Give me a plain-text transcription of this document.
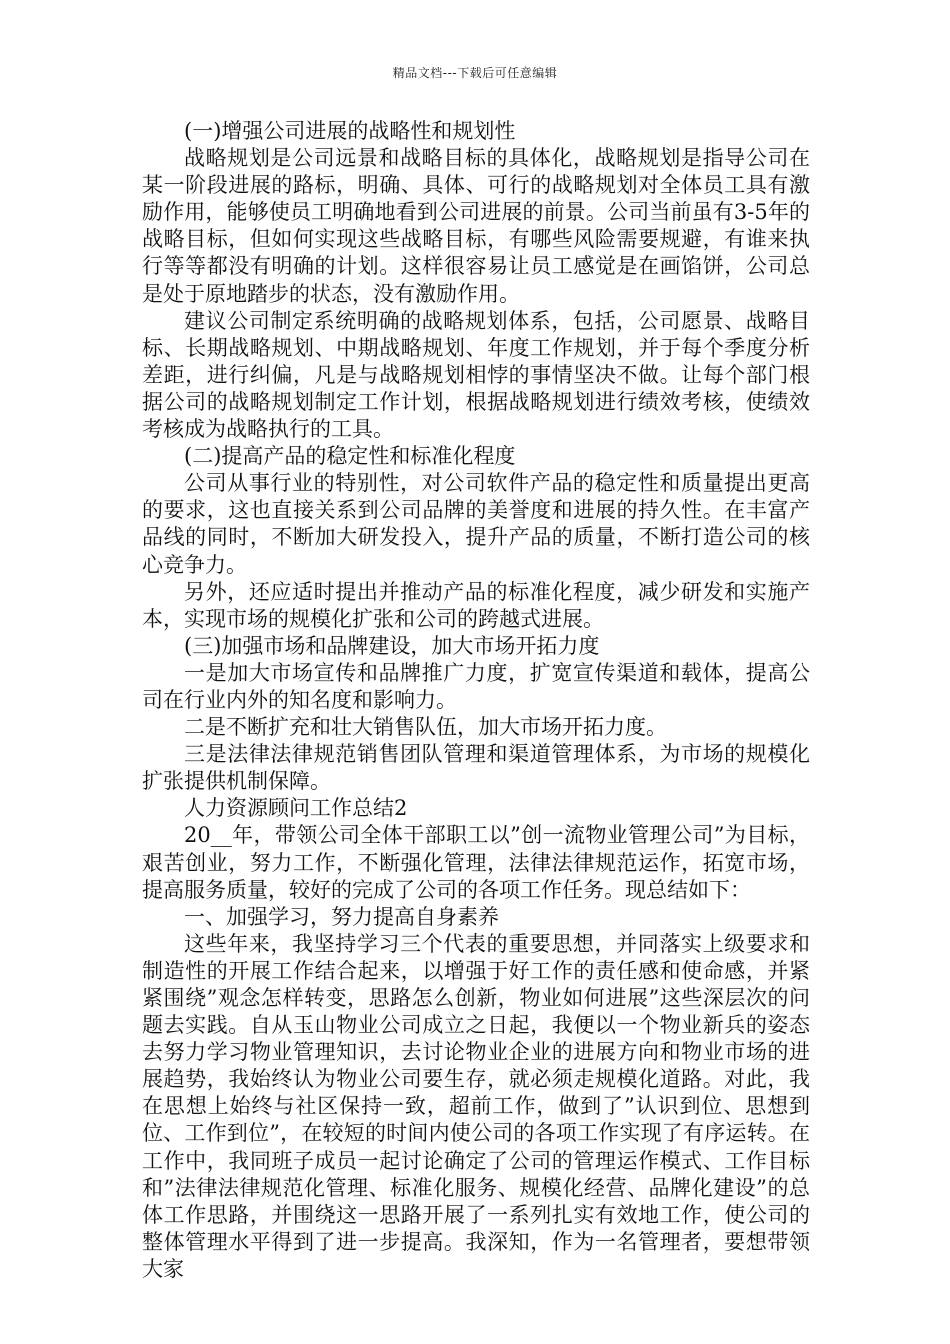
精品文档---下载后可任意编辑

(一)增强公司进展的战略性和规划性

战略规划是公司远景和战略目标的具体化，战略规划是指导公司在某一阶段进展的路标，明确、具体、可行的战略规划对全体员工具有激励作用，能够使员工明确地看到公司进展的前景。公司当前虽有3-5年的战略目标，但如何实现这些战略目标，有哪些风险需要规避，有谁来执行等等都没有明确的计划。这样很容易让员工感觉是在画馅饼，公司总是处于原地踏步的状态，没有激励作用。

建议公司制定系统明确的战略规划体系，包括，公司愿景、战略目标、长期战略规划、中期战略规划、年度工作规划，并于每个季度分析差距，进行纠偏，凡是与战略规划相悖的事情坚决不做。让每个部门根据公司的战略规划制定工作计划，根据战略规划进行绩效考核，使绩效考核成为战略执行的工具。

(二)提高产品的稳定性和标准化程度

公司从事行业的特别性，对公司软件产品的稳定性和质量提出更高的要求，这也直接关系到公司品牌的美誉度和进展的持久性。在丰富产品线的同时，不断加大研发投入，提升产品的质量，不断打造公司的核心竞争力。

另外，还应适时提出并推动产品的标准化程度，减少研发和实施产本，实现市场的规模化扩张和公司的跨越式进展。

(三)加强市场和品牌建设，加大市场开拓力度

一是加大市场宣传和品牌推广力度，扩宽宣传渠道和载体，提高公司在行业内外的知名度和影响力。

二是不断扩充和壮大销售队伍，加大市场开拓力度。

三是法律法律规范销售团队管理和渠道管理体系，为市场的规模化扩张提供机制保障。

人力资源顾问工作总结2

20__年，带领公司全体干部职工以”创一流物业管理公司”为目标，艰苦创业，努力工作，不断强化管理，法律法律规范运作，拓宽市场，提高服务质量，较好的完成了公司的各项工作任务。现总结如下：

一、加强学习，努力提高自身素养

这些年来，我坚持学习三个代表的重要思想，并同落实上级要求和制造性的开展工作结合起来，以增强于好工作的责任感和使命感，并紧紧围绕”观念怎样转变，思路怎么创新，物业如何进展”这些深层次的问题去实践。自从玉山物业公司成立之日起，我便以一个物业新兵的姿态去努力学习物业管理知识，去讨论物业企业的进展方向和物业市场的进展趋势，我始终认为物业公司要生存，就必须走规模化道路。对此，我在思想上始终与社区保持一致，超前工作，做到了”认识到位、思想到位、工作到位”，在较短的时间内使公司的各项工作实现了有序运转。在工作中，我同班子成员一起讨论确定了公司的管理运作模式、工作目标和”法律法律规范化管理、标准化服务、规模化经营、品牌化建设”的总体工作思路，并围绕这一思路开展了一系列扎实有效地工作，使公司的整体管理水平得到了进一步提高。我深知，作为一名管理者，要想带领大家
